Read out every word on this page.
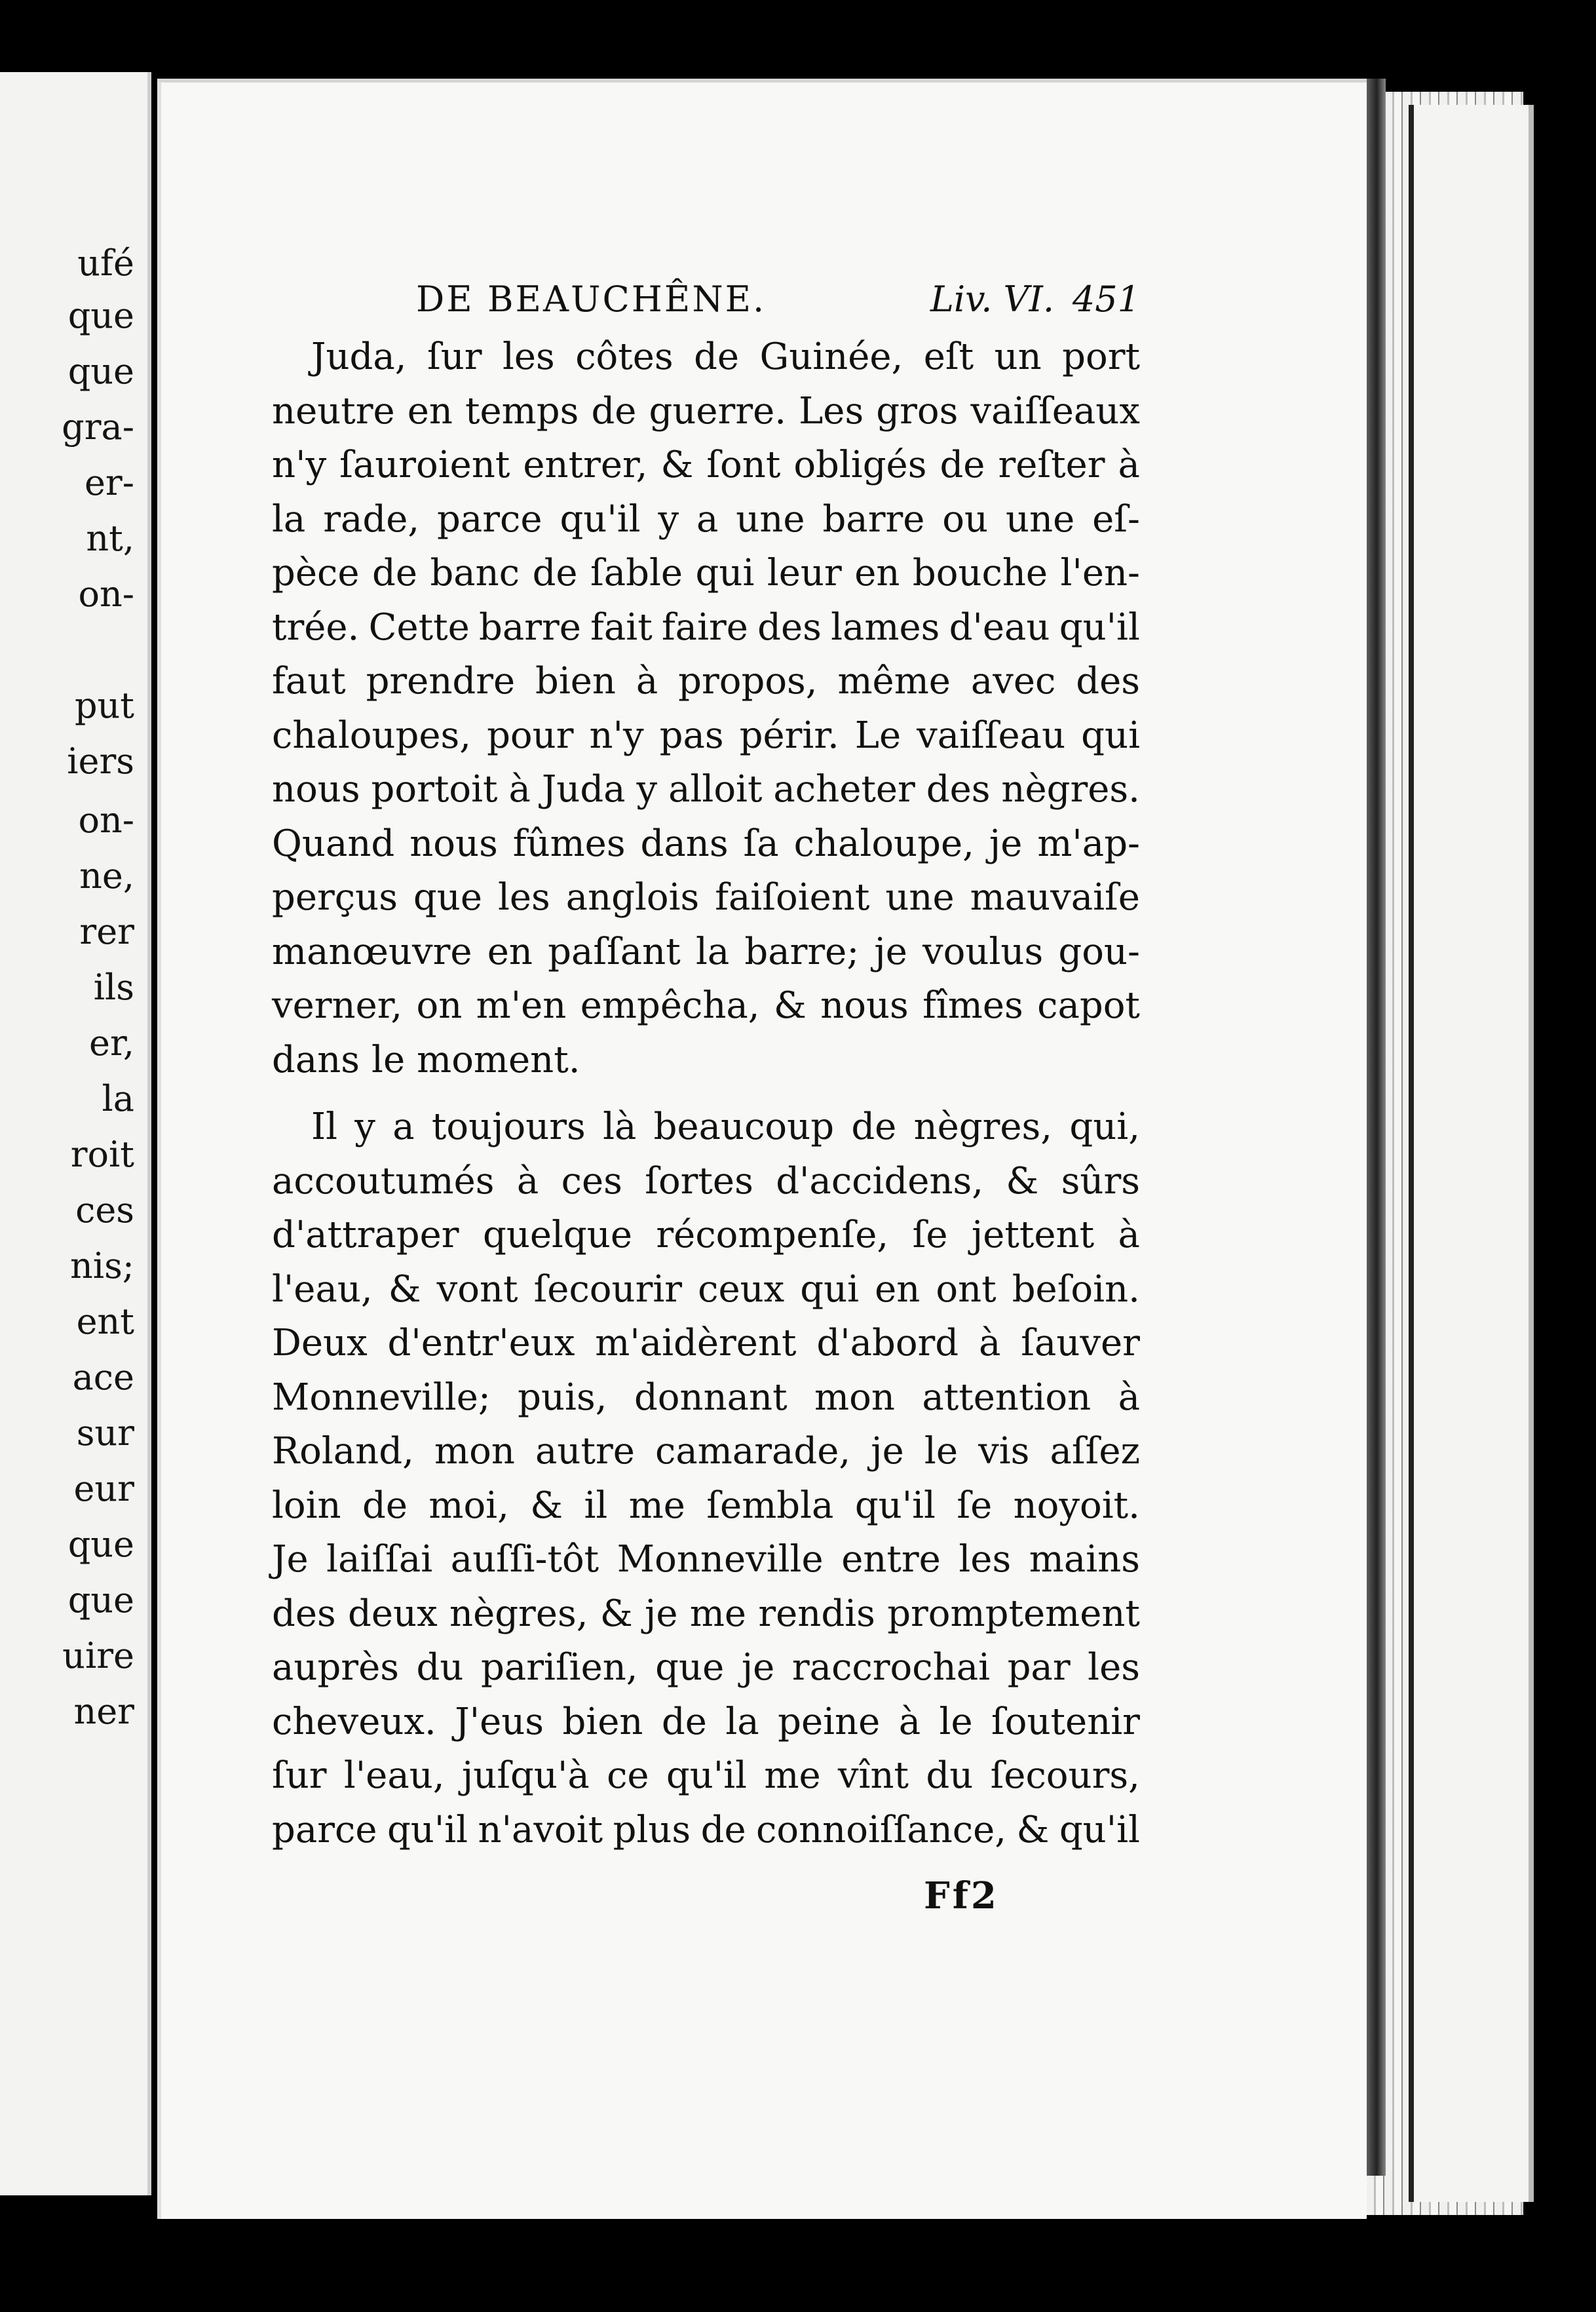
ufé
que
que
gra-
er-
nt,
on-
put
iers
on-
ne,
rer
ils
er,
la
roit
ces
nis;
ent
ace
sur
eur
que
que
uire
ner
DE BEAUCHÊNE.	Liv. VI. 451
Juda, ſur les côtes de Guinée, eſt un port
neutre en temps de guerre. Les gros vaiſſeaux
n'y ſauroient entrer, & ſont obligés de reſter à
la rade, parce qu'il y a une barre ou une eſ-
pèce de banc de ſable qui leur en bouche l'en-
trée. Cette barre fait faire des lames d'eau qu'il
faut prendre bien à propos, même avec des
chaloupes, pour n'y pas périr. Le vaiſſeau qui
nous portoit à Juda y alloit acheter des nègres.
Quand nous fûmes dans ſa chaloupe, je m'ap-
perçus que les anglois faiſoient une mauvaiſe
manœuvre en paſſant la barre; je voulus gou-
verner, on m'en empêcha, & nous fîmes capot
dans le moment.
Il y a toujours là beaucoup de nègres, qui,
accoutumés à ces ſortes d'accidens, & sûrs
d'attraper quelque récompenſe, ſe jettent à
l'eau, & vont ſecourir ceux qui en ont beſoin.
Deux d'entr'eux m'aidèrent d'abord à ſauver
Monneville; puis, donnant mon attention à
Roland, mon autre camarade, je le vis aſſez
loin de moi, & il me ſembla qu'il ſe noyoit.
Je laiſſai auſſi-tôt Monneville entre les mains
des deux nègres, & je me rendis promptement
auprès du pariſien, que je raccrochai par les
cheveux. J'eus bien de la peine à le ſoutenir
ſur l'eau, juſqu'à ce qu'il me vînt du ſecours,
parce qu'il n'avoit plus de connoiſſance, & qu'il
Ff2
